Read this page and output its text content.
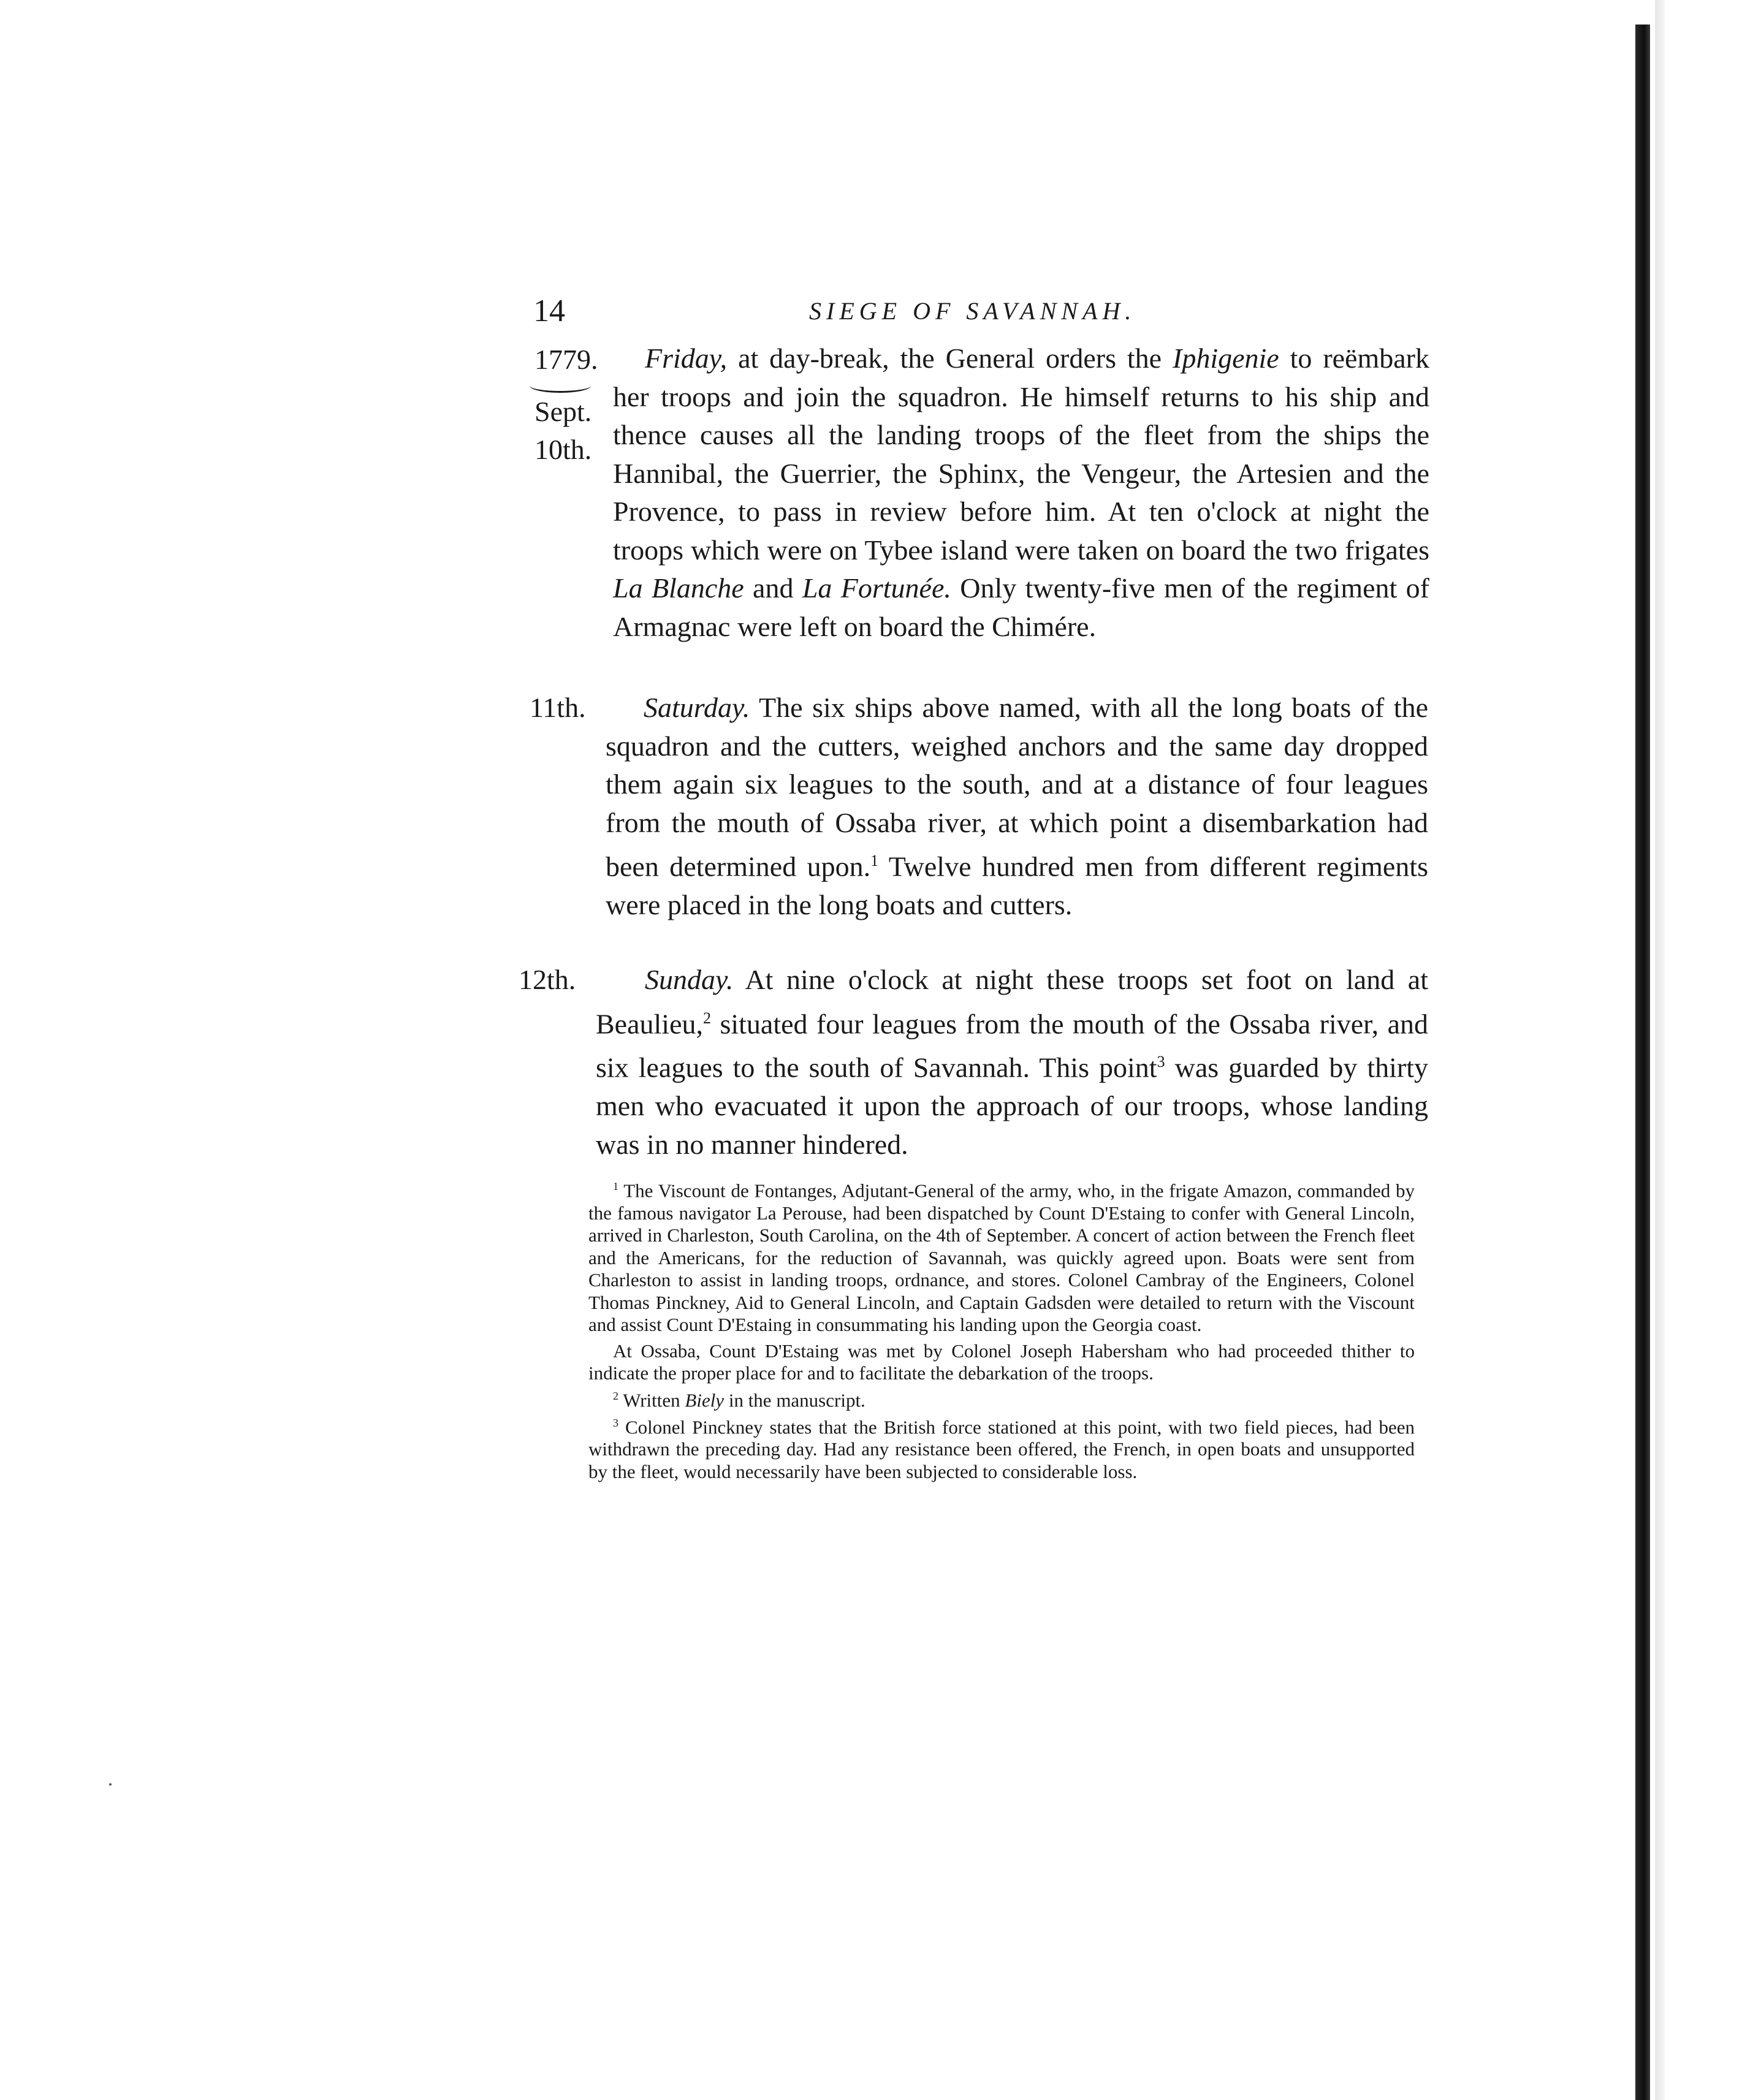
14	SIEGE OF SAVANNAH.
1779.
Sept.
10th.

Friday, at day-break, the General orders the Iphigenie to reëmbark her troops and join the squadron. He himself returns to his ship and thence causes all the landing troops of the fleet from the ships the Hannibal, the Guerrier, the Sphinx, the Vengeur, the Artesien and the Provence, to pass in review before him. At ten o'clock at night the troops which were on Tybee island were taken on board the two frigates La Blanche and La Fortunée. Only twenty-five men of the regiment of Armagnac were left on board the Chimére.

11th.	Saturday. The six ships above named, with all the long boats of the squadron and the cutters, weighed anchors and the same day dropped them again six leagues to the south, and at a distance of four leagues from the mouth of Ossaba river, at which point a disembarkation had been determined upon.$^1$ Twelve hundred men from different regiments were placed in the long boats and cutters.

12th.	Sunday. At nine o'clock at night these troops set foot on land at Beaulieu,$^2$ situated four leagues from the mouth of the Ossaba river, and six leagues to the south of Savannah. This point$^3$ was guarded by thirty men who evacuated it upon the approach of our troops, whose landing was in no manner hindered.

$^1$ The Viscount de Fontanges, Adjutant-General of the army, who, in the frigate Amazon, commanded by the famous navigator La Perouse, had been dispatched by Count D'Estaing to confer with General Lincoln, arrived in Charleston, South Carolina, on the 4th of September. A concert of action between the French fleet and the Americans, for the reduction of Savannah, was quickly agreed upon. Boats were sent from Charleston to assist in landing troops, ordnance, and stores. Colonel Cambray of the Engineers, Colonel Thomas Pinckney, Aid to General Lincoln, and Captain Gadsden were detailed to return with the Viscount and assist Count D'Estaing in consummating his landing upon the Georgia coast.

At Ossaba, Count D'Estaing was met by Colonel Joseph Habersham who had proceeded thither to indicate the proper place for and to facilitate the debarkation of the troops.

$^2$ Written Biely in the manuscript.

$^3$ Colonel Pinckney states that the British force stationed at this point, with two field pieces, had been withdrawn the preceding day. Had any resistance been offered, the French, in open boats and unsupported by the fleet, would necessarily have been subjected to considerable loss.
